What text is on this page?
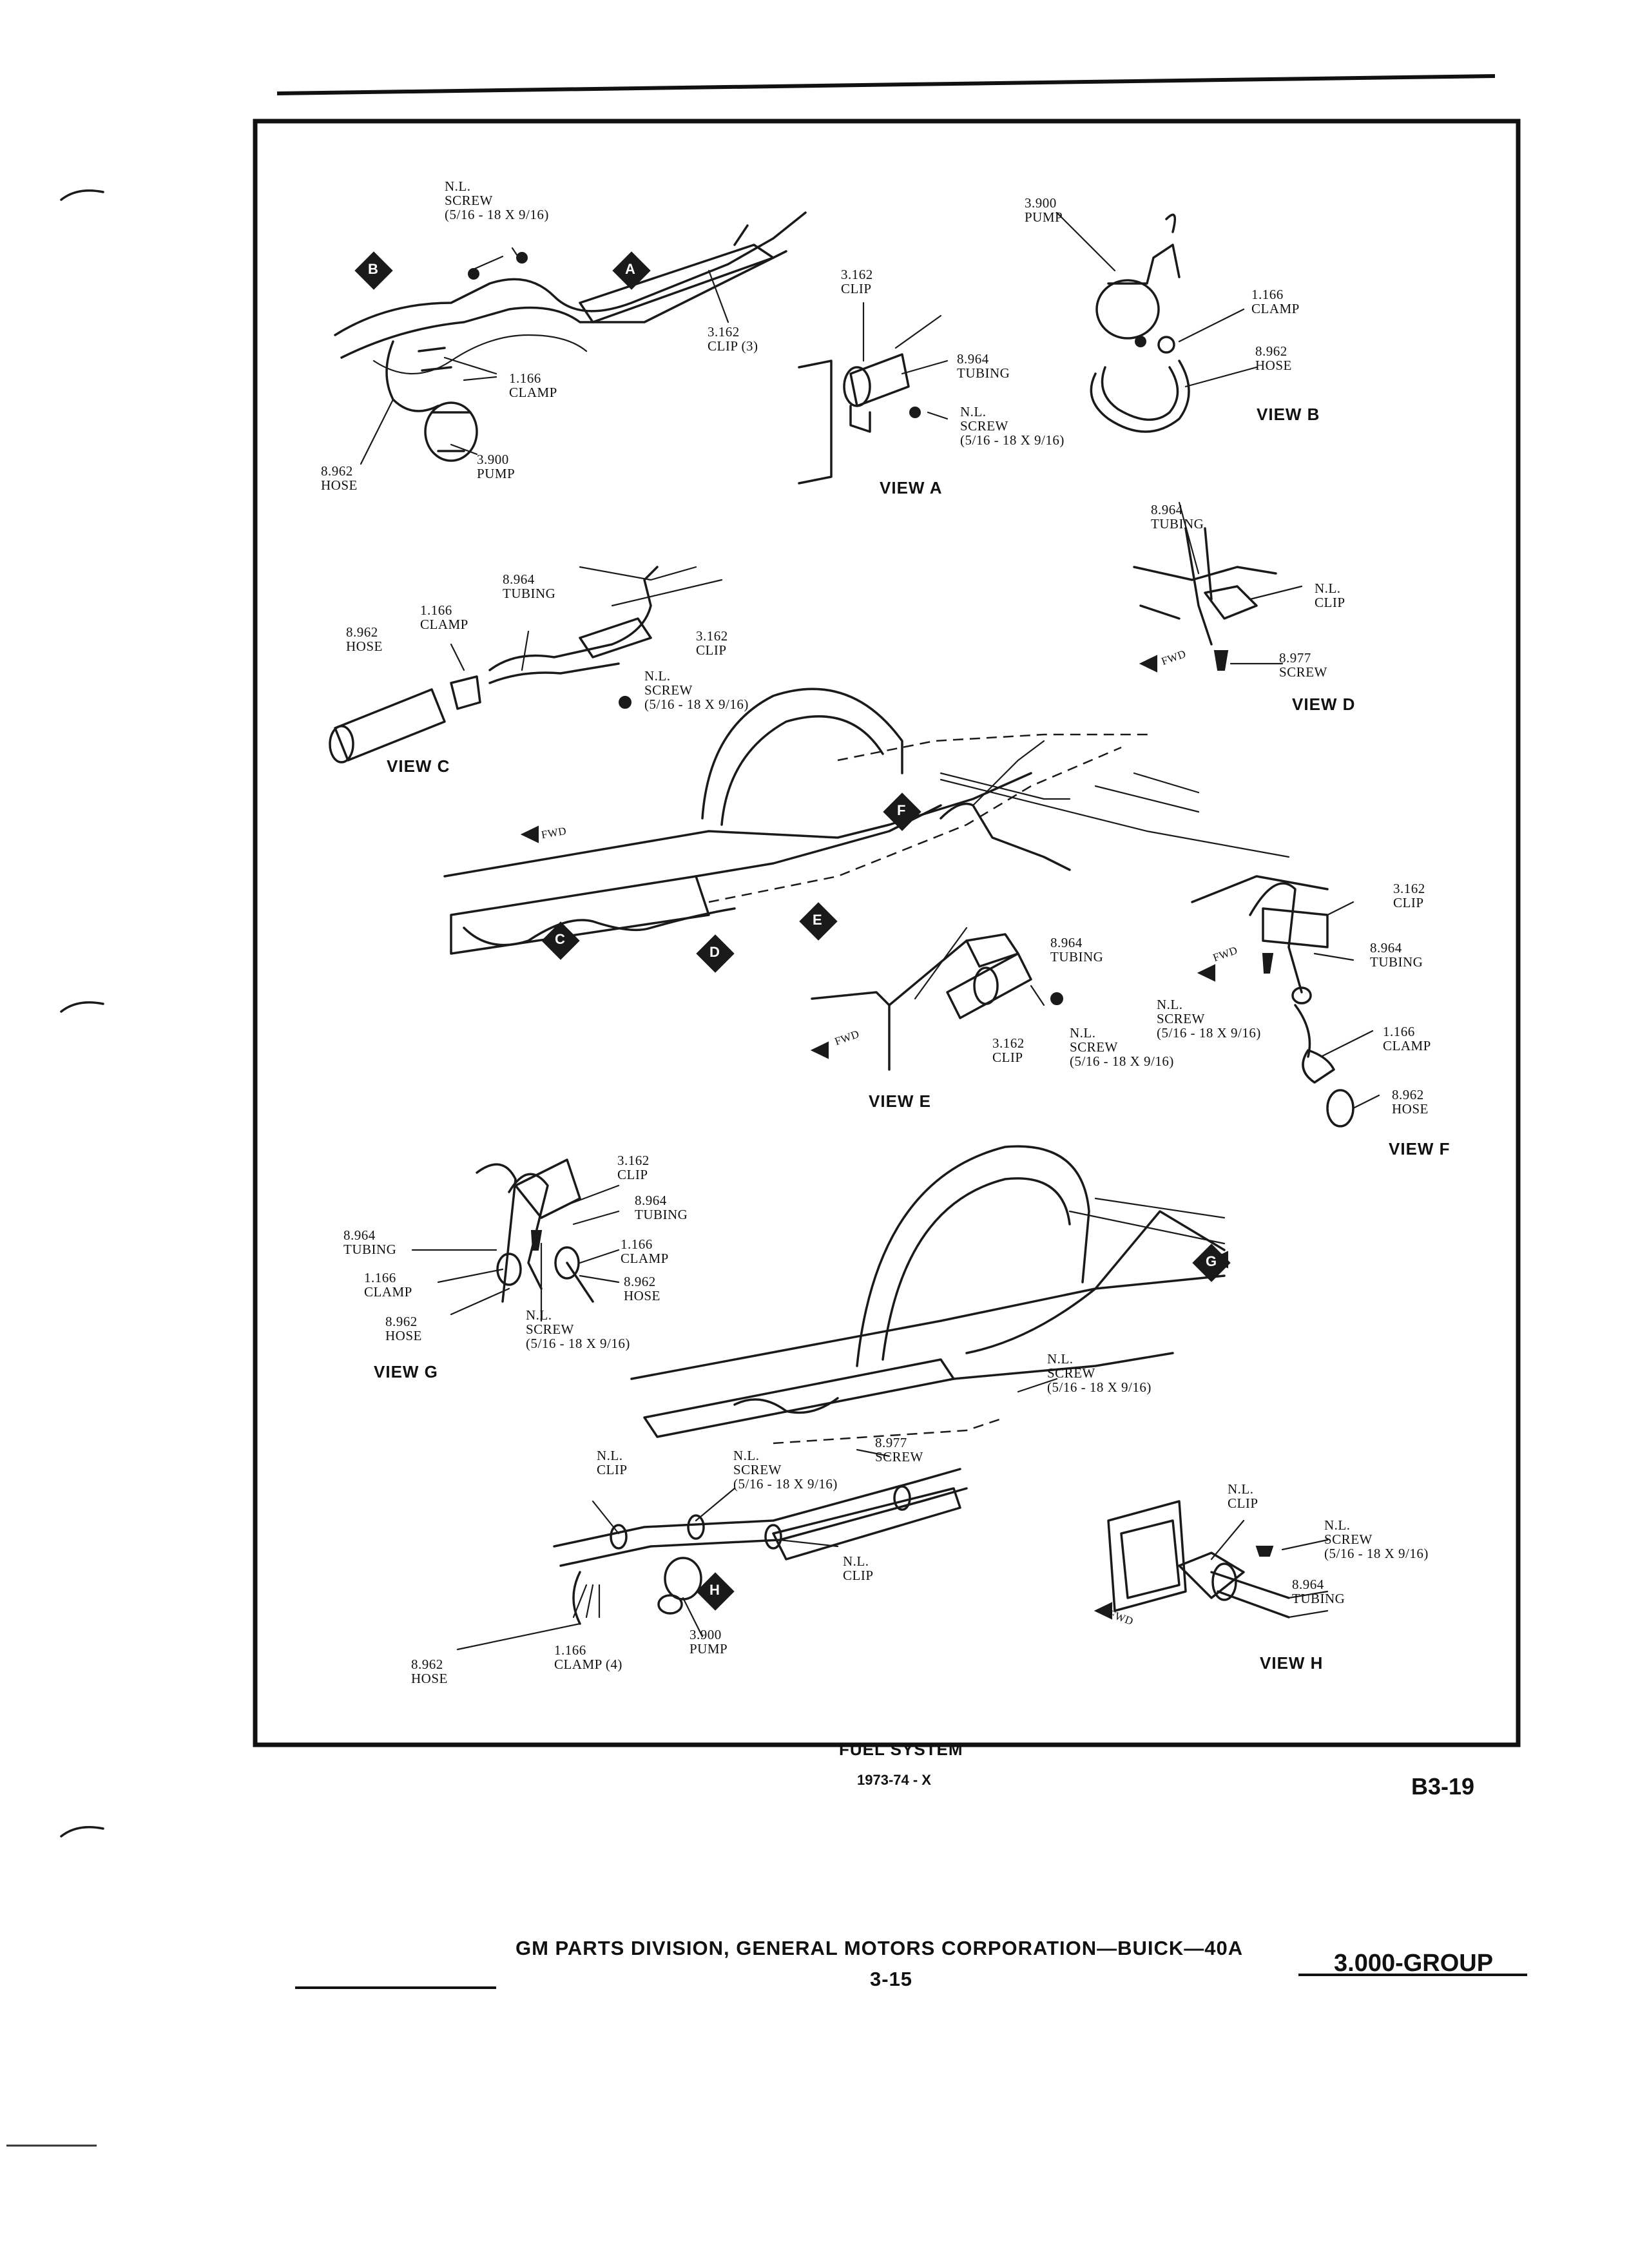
A
B
C
D
E
F
G
H
N.L.
SCREW
(5/16 - 18 X 9/16)
3.162
CLIP (3)
1.166
CLAMP
3.900
PUMP
8.962
HOSE
3.162
CLIP
8.964
TUBING
N.L.
SCREW
(5/16 - 18 X 9/16)
VIEW A
3.900
PUMP
1.166
CLAMP
8.962
HOSE
VIEW B
8.964
TUBING
1.166
CLAMP
8.962
HOSE
3.162
CLIP
N.L.
SCREW
(5/16 - 18 X 9/16)
VIEW C
8.964
TUBING
N.L.
CLIP
8.977
SCREW
FWD
VIEW D
FWD
8.964
TUBING
3.162
CLIP
N.L.
SCREW
(5/16 - 18 X 9/16)
FWD
VIEW E
3.162
CLIP
8.964
TUBING
N.L.
SCREW
(5/16 - 18 X 9/16)	1.166
CLAMP
8.962
HOSE
FWD
VIEW F
3.162
CLIP
8.964
TUBING
1.166
CLAMP
8.962
HOSE
8.964
TUBING
1.166
CLAMP
8.962
HOSE
N.L.
SCREW
(5/16 - 18 X 9/16)
VIEW G
N.L.
SCREW
(5/16 - 18 X 9/16)
8.977
SCREW
N.L.
CLIP
N.L.
SCREW
(5/16 - 18 X 9/16)
N.L.
CLIP
8.962
HOSE
1.166
CLAMP (4)
3.900
PUMP
N.L.
CLIP
N.L.
SCREW
(5/16 - 18 X 9/16)
8.964
TUBING
FWD
VIEW H
FUEL SYSTEM
1973-74 - X	B3-19
GM PARTS DIVISION, GENERAL MOTORS CORPORATION—BUICK—40A
3-15
3.000-GROUP
